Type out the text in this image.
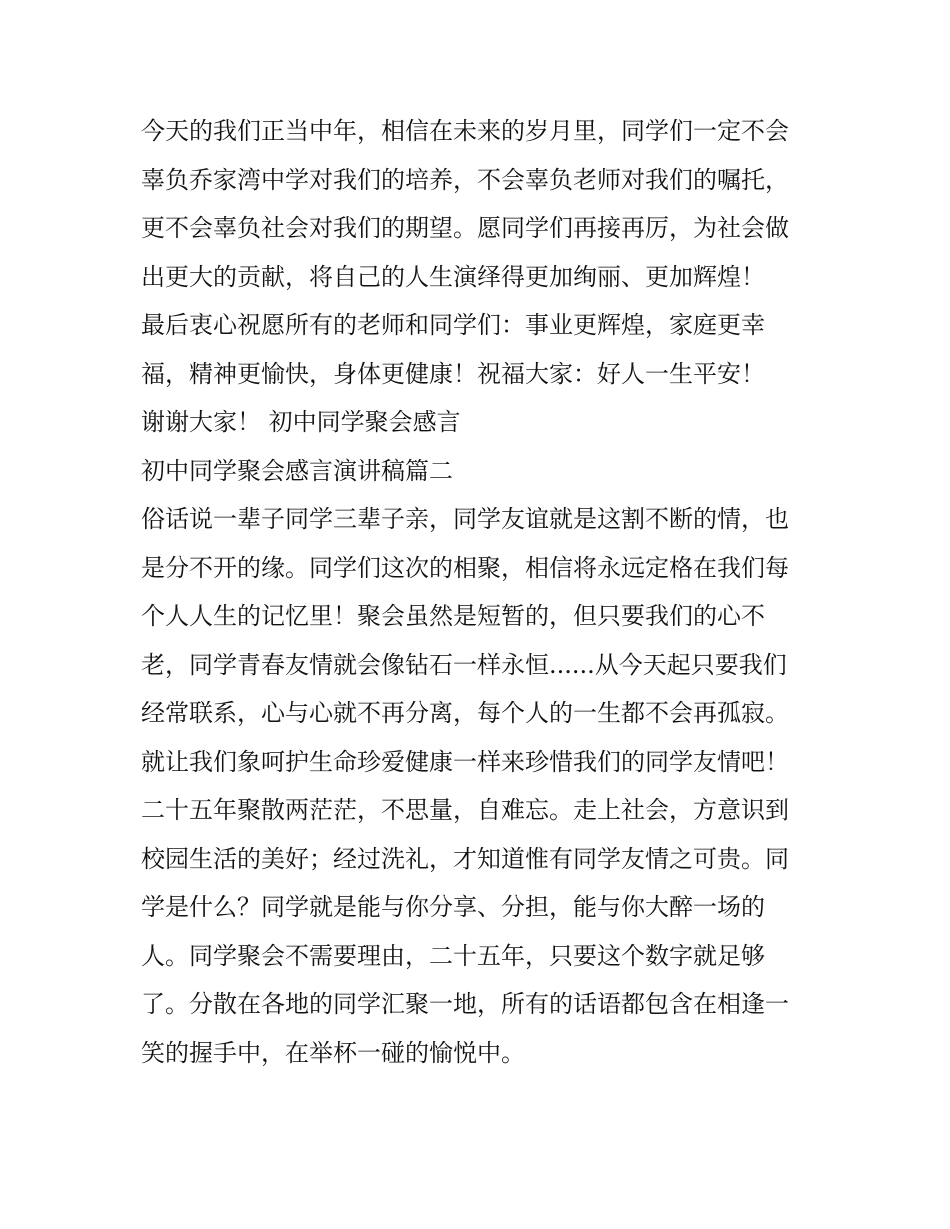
今天的我们正当中年，相信在未来的岁月里，同学们一定不会
辜负乔家湾中学对我们的培养，不会辜负老师对我们的嘱托，
更不会辜负社会对我们的期望。愿同学们再接再厉，为社会做
出更大的贡献，将自己的人生演绎得更加绚丽、更加辉煌！
最后衷心祝愿所有的老师和同学们：事业更辉煌，家庭更幸
福，精神更愉快，身体更健康！祝福大家：好人一生平安！
谢谢大家！ 初中同学聚会感言
初中同学聚会感言演讲稿篇二
俗话说一辈子同学三辈子亲，同学友谊就是这割不断的情，也
是分不开的缘。同学们这次的相聚，相信将永远定格在我们每
个人人生的记忆里！聚会虽然是短暂的，但只要我们的心不
老，同学青春友情就会像钻石一样永恒......从今天起只要我们
经常联系，心与心就不再分离，每个人的一生都不会再孤寂。
就让我们象呵护生命珍爱健康一样来珍惜我们的同学友情吧！
二十五年聚散两茫茫，不思量，自难忘。走上社会，方意识到
校园生活的美好；经过洗礼，才知道惟有同学友情之可贵。同
学是什么？同学就是能与你分享、分担，能与你大醉一场的
人。同学聚会不需要理由，二十五年，只要这个数字就足够
了。分散在各地的同学汇聚一地，所有的话语都包含在相逢一
笑的握手中，在举杯一碰的愉悦中。
